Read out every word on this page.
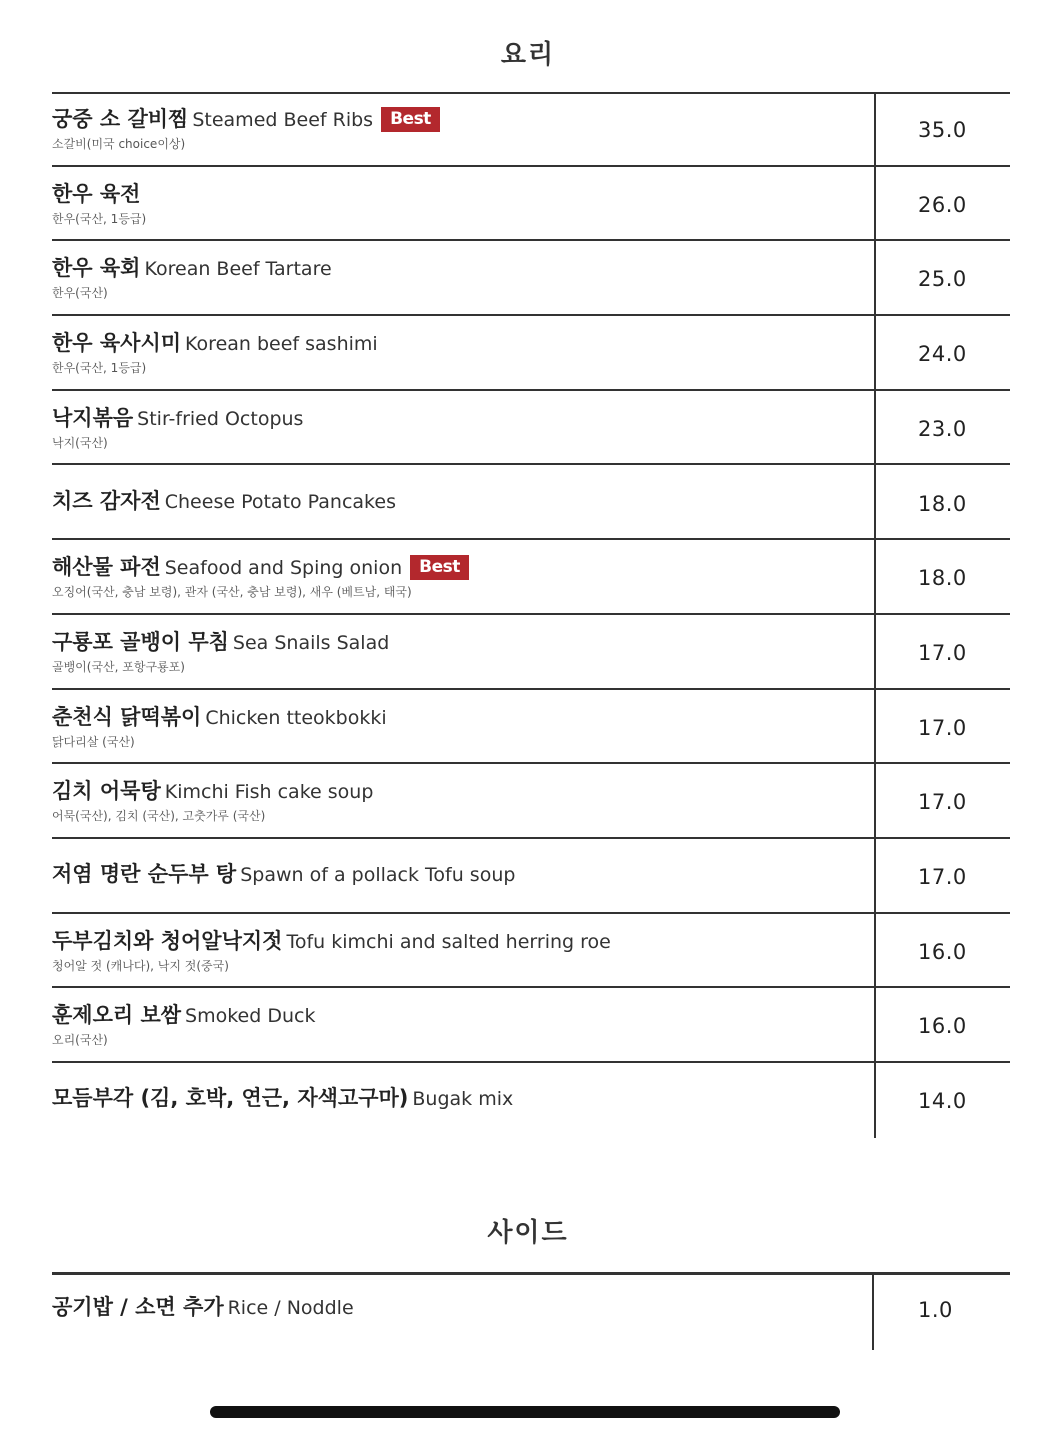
요리
궁중 소 갈비찜 Steamed Beef Ribs Best
소갈비(미국 choice이상)
35.0
한우 육전
한우(국산, 1등급)
26.0
한우 육회 Korean Beef Tartare
한우(국산)
25.0
한우 육사시미 Korean beef sashimi
한우(국산, 1등급)
24.0
낙지볶음 Stir-fried Octopus
낙지(국산)
23.0
치즈 감자전 Cheese Potato Pancakes	18.0
해산물 파전 Seafood and Sping onion Best
오징어(국산, 충남 보령), 관자 (국산, 충남 보령), 새우 (베트남, 태국)
18.0
구룡포 골뱅이 무침 Sea Snails Salad
골뱅이(국산, 포항구룡포)
17.0
춘천식 닭떡볶이 Chicken tteokbokki
닭다리살 (국산)
17.0
김치 어묵탕 Kimchi Fish cake soup
어묵(국산), 김치 (국산), 고춧가루 (국산)
17.0
저염 명란 순두부 탕 Spawn of a pollack Tofu soup	17.0
두부김치와 청어알낙지젓 Tofu kimchi and salted herring roe
청어알 젓 (캐나다), 낙지 젓(중국)
16.0
훈제오리 보쌈 Smoked Duck
오리(국산)
16.0
모듬부각 (김, 호박, 연근, 자색고구마) Bugak mix	14.0
사이드
공기밥 / 소면 추가 Rice / Noddle	1.0
